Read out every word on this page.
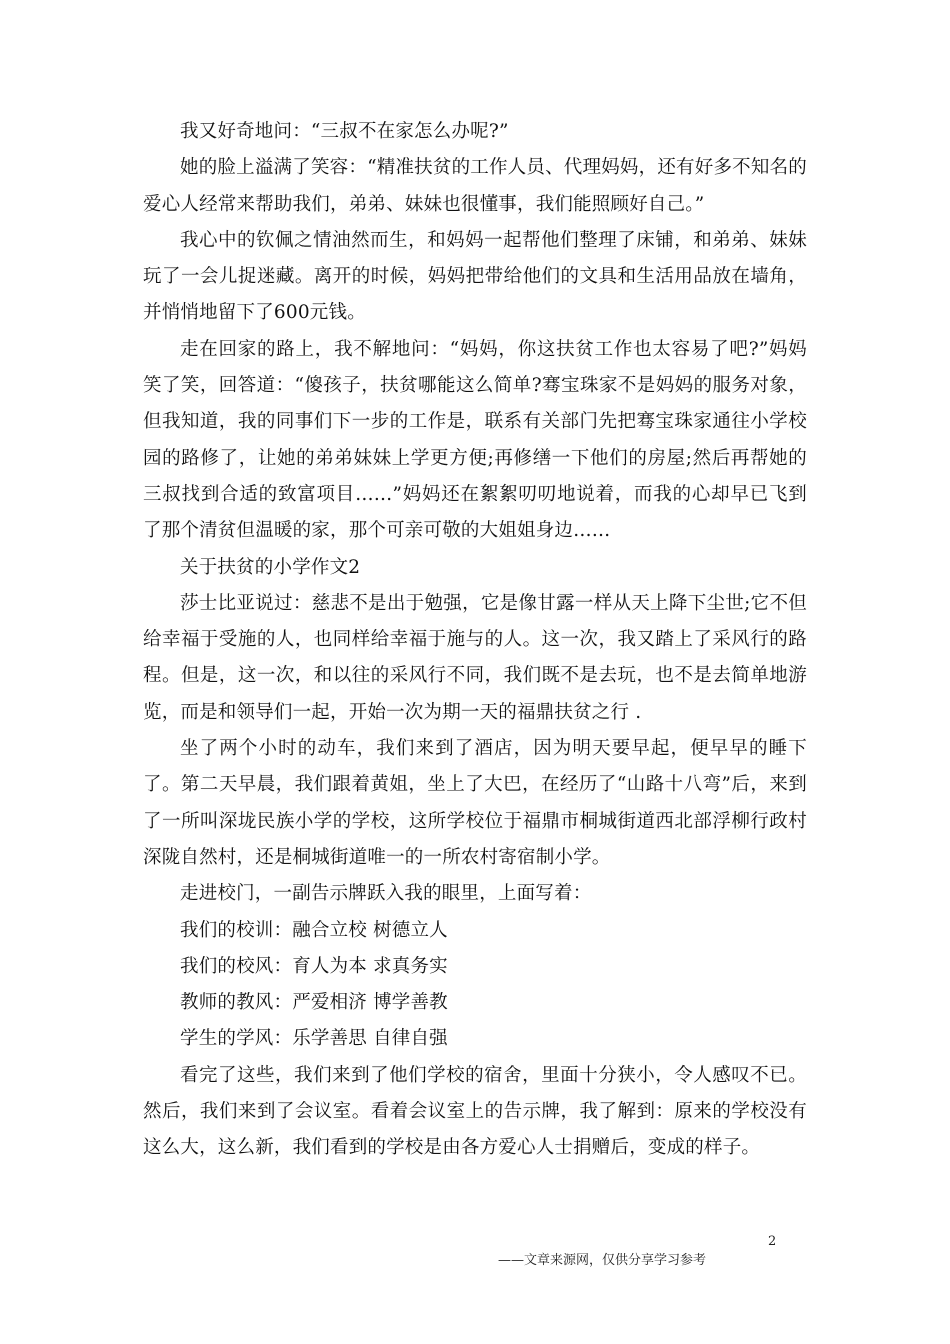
我又好奇地问：“三叔不在家怎么办呢?”

她的脸上溢满了笑容：“精准扶贫的工作人员、代理妈妈，还有好多不知名的爱心人经常来帮助我们，弟弟、妹妹也很懂事，我们能照顾好自己。”

我心中的钦佩之情油然而生，和妈妈一起帮他们整理了床铺，和弟弟、妹妹玩了一会儿捉迷藏。离开的时候，妈妈把带给他们的文具和生活用品放在墙角，并悄悄地留下了600元钱。

走在回家的路上，我不解地问：“妈妈，你这扶贫工作也太容易了吧?”妈妈笑了笑，回答道：“傻孩子，扶贫哪能这么简单?骞宝珠家不是妈妈的服务对象，但我知道，我的同事们下一步的工作是，联系有关部门先把骞宝珠家通往小学校园的路修了，让她的弟弟妹妹上学更方便;再修缮一下他们的房屋;然后再帮她的三叔找到合适的致富项目……”妈妈还在絮絮叨叨地说着，而我的心却早已飞到了那个清贫但温暖的家，那个可亲可敬的大姐姐身边……

关于扶贫的小学作文2

莎士比亚说过：慈悲不是出于勉强，它是像甘露一样从天上降下尘世;它不但给幸福于受施的人，也同样给幸福于施与的人。这一次，我又踏上了采风行的路程。但是，这一次，和以往的采风行不同，我们既不是去玩，也不是去简单地游览，而是和领导们一起，开始一次为期一天的福鼎扶贫之行 .

坐了两个小时的动车，我们来到了酒店，因为明天要早起，便早早的睡下了。第二天早晨，我们跟着黄姐，坐上了大巴，在经历了“山路十八弯”后，来到了一所叫深垅民族小学的学校，这所学校位于福鼎市桐城街道西北部浮柳行政村深陇自然村，还是桐城街道唯一的一所农村寄宿制小学。

走进校门，一副告示牌跃入我的眼里，上面写着：

我们的校训：融合立校 树德立人

我们的校风：育人为本 求真务实

教师的教风：严爱相济 博学善教

学生的学风：乐学善思 自律自强

看完了这些，我们来到了他们学校的宿舍，里面十分狭小，令人感叹不已。然后，我们来到了会议室。看着会议室上的告示牌，我了解到：原来的学校没有这么大，这么新，我们看到的学校是由各方爱心人士捐赠后，变成的样子。

2
——文章来源网，仅供分享学习参考
